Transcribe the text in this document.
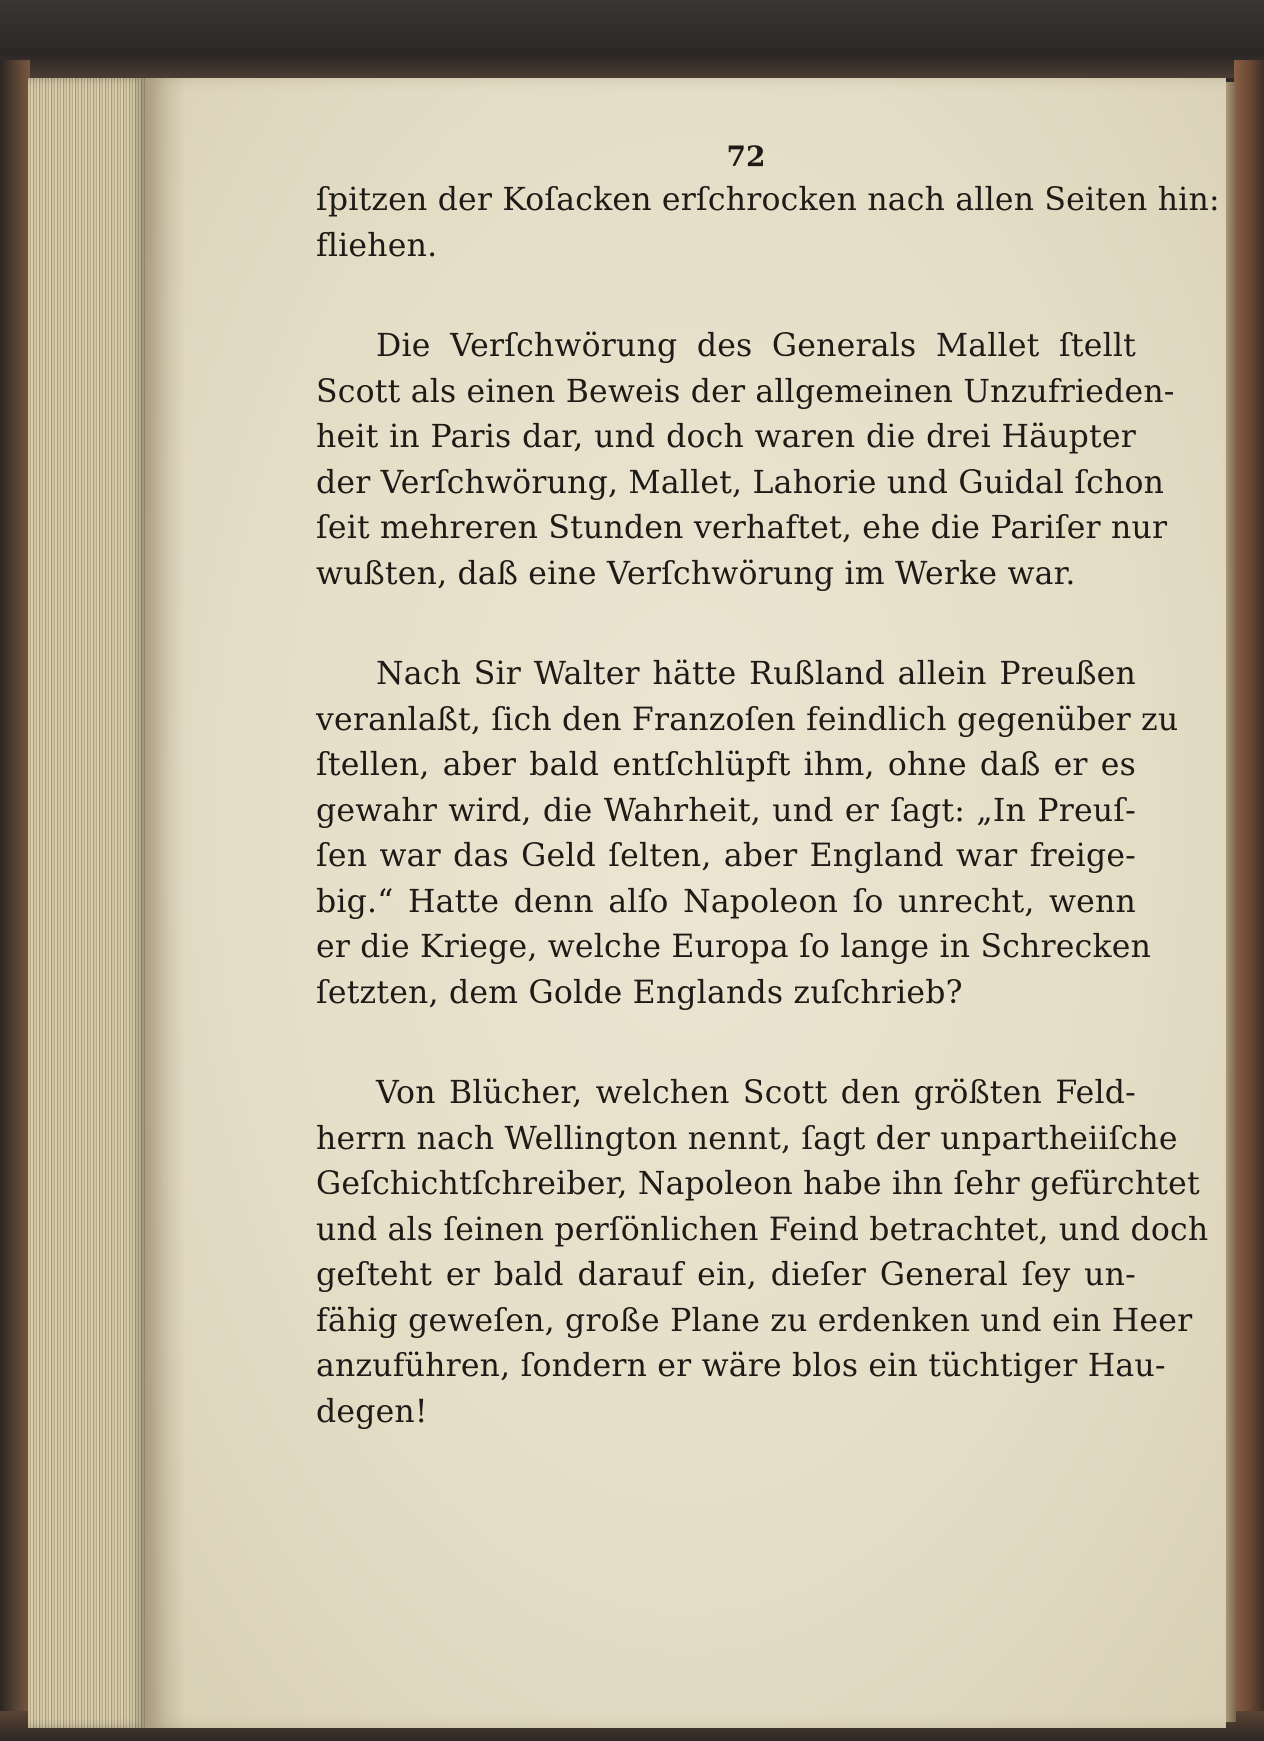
72
ſpitzen der Koſacken erſchrocken nach allen Seiten hin:
fliehen.
Die Verſchwörung des Generals Mallet ſtellt
Scott als einen Beweis der allgemeinen Unzufrieden-
heit in Paris dar, und doch waren die drei Häupter
der Verſchwörung, Mallet, Lahorie und Guidal ſchon
ſeit mehreren Stunden verhaftet, ehe die Pariſer nur
wußten, daß eine Verſchwörung im Werke war.
Nach Sir Walter hätte Rußland allein Preußen
veranlaßt, ſich den Franzoſen feindlich gegenüber zu
ſtellen, aber bald entſchlüpft ihm, ohne daß er es
gewahr wird, die Wahrheit, und er ſagt: „In Preuſ-
ſen war das Geld ſelten, aber England war freige-
big.“ Hatte denn alſo Napoleon ſo unrecht, wenn
er die Kriege, welche Europa ſo lange in Schrecken
ſetzten, dem Golde Englands zuſchrieb?
Von Blücher, welchen Scott den größten Feld-
herrn nach Wellington nennt, ſagt der unpartheiiſche
Geſchichtſchreiber, Napoleon habe ihn ſehr gefürchtet
und als ſeinen perſönlichen Feind betrachtet, und doch
geſteht er bald darauf ein, dieſer General ſey un-
fähig geweſen, große Plane zu erdenken und ein Heer
anzuführen, ſondern er wäre blos ein tüchtiger Hau-
degen!
